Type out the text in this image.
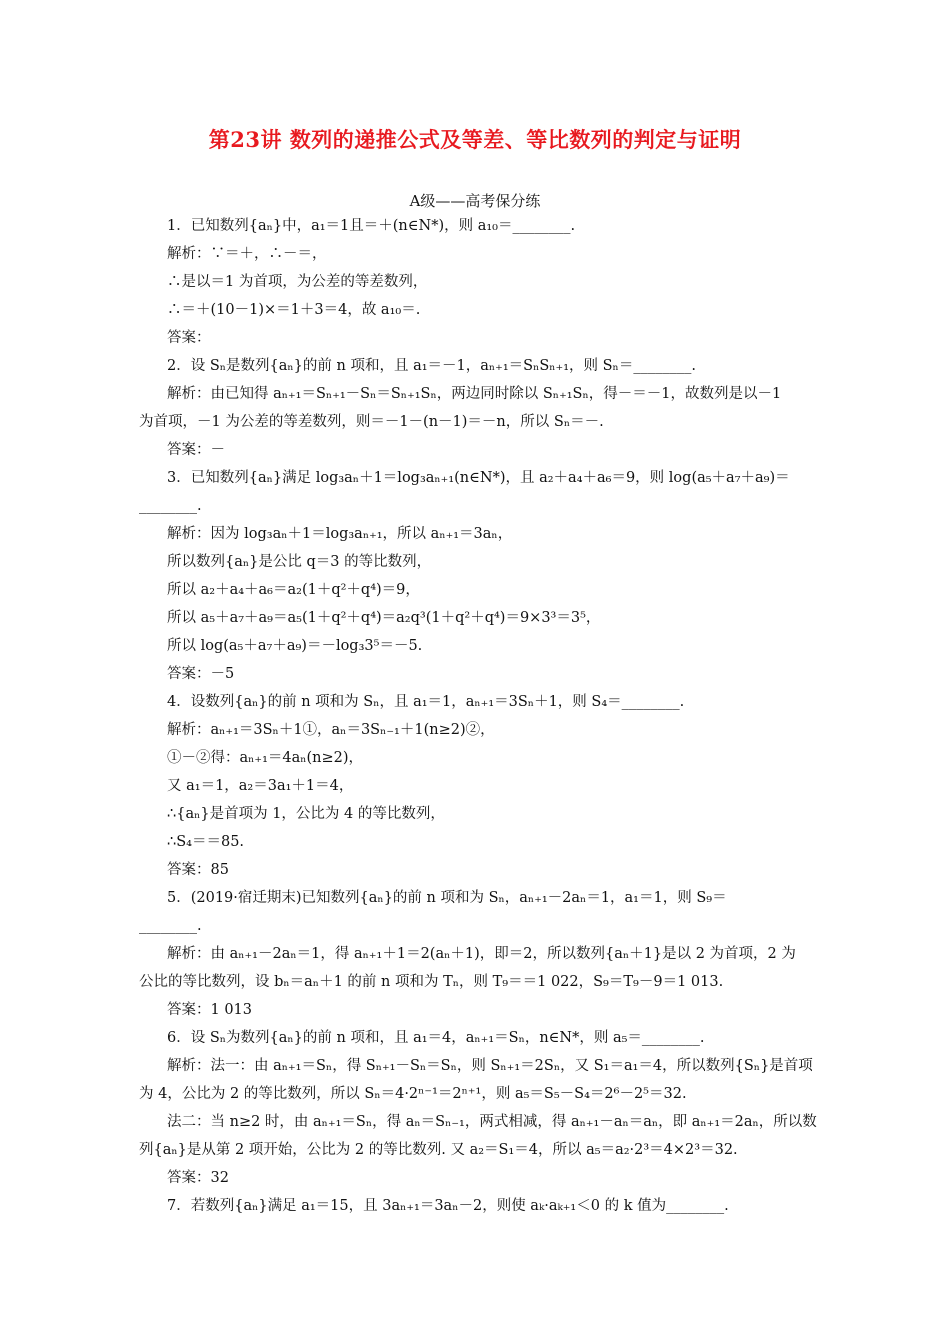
第23讲 数列的递推公式及等差、等比数列的判定与证明
A级——高考保分练
1．已知数列{aₙ}中，a₁＝1且＝＋(n∈N*)，则 a₁₀＝________.
解析：∵＝＋，∴－＝，
∴是以＝1 为首项，为公差的等差数列，
∴＝＋(10－1)×＝1＋3＝4，故 a₁₀＝.
答案：
2．设 Sₙ是数列{aₙ}的前 n 项和，且 a₁＝－1，aₙ₊₁＝SₙSₙ₊₁，则 Sₙ＝________.
解析：由已知得 aₙ₊₁＝Sₙ₊₁－Sₙ＝Sₙ₊₁Sₙ，两边同时除以 Sₙ₊₁Sₙ，得－＝－1，故数列是以－1
为首项，－1 为公差的等差数列，则＝－1－(n－1)＝－n，所以 Sₙ＝－.
答案：－
3．已知数列{aₙ}满足 log₃aₙ＋1＝log₃aₙ₊₁(n∈N*)，且 a₂＋a₄＋a₆＝9，则 log(a₅＋a₇＋a₉)＝
________.
解析：因为 log₃aₙ＋1＝log₃aₙ₊₁，所以 aₙ₊₁＝3aₙ，
所以数列{aₙ}是公比 q＝3 的等比数列，
所以 a₂＋a₄＋a₆＝a₂(1＋q²＋q⁴)＝9，
所以 a₅＋a₇＋a₉＝a₅(1＋q²＋q⁴)＝a₂q³(1＋q²＋q⁴)＝9×3³＝3⁵，
所以 log(a₅＋a₇＋a₉)＝－log₃3⁵＝－5.
答案：－5
4．设数列{aₙ}的前 n 项和为 Sₙ，且 a₁＝1，aₙ₊₁＝3Sₙ＋1，则 S₄＝________.
解析：aₙ₊₁＝3Sₙ＋1①，aₙ＝3Sₙ₋₁＋1(n≥2)②，
①－②得：aₙ₊₁＝4aₙ(n≥2)，
又 a₁＝1，a₂＝3a₁＋1＝4，
∴{aₙ}是首项为 1，公比为 4 的等比数列，
∴S₄＝＝85.
答案：85
5．(2019·宿迁期末)已知数列{aₙ}的前 n 项和为 Sₙ，aₙ₊₁－2aₙ＝1，a₁＝1，则 S₉＝
________.
解析：由 aₙ₊₁－2aₙ＝1，得 aₙ₊₁＋1＝2(aₙ＋1)，即＝2，所以数列{aₙ＋1}是以 2 为首项，2 为
公比的等比数列，设 bₙ＝aₙ＋1 的前 n 项和为 Tₙ，则 T₉＝＝1 022，S₉＝T₉－9＝1 013.
答案：1 013
6．设 Sₙ为数列{aₙ}的前 n 项和，且 a₁＝4，aₙ₊₁＝Sₙ，n∈N*，则 a₅＝________.
解析：法一：由 aₙ₊₁＝Sₙ，得 Sₙ₊₁－Sₙ＝Sₙ，则 Sₙ₊₁＝2Sₙ，又 S₁＝a₁＝4，所以数列{Sₙ}是首项
为 4，公比为 2 的等比数列，所以 Sₙ＝4·2ⁿ⁻¹＝2ⁿ⁺¹，则 a₅＝S₅－S₄＝2⁶－2⁵＝32.
法二：当 n≥2 时，由 aₙ₊₁＝Sₙ，得 aₙ＝Sₙ₋₁，两式相减，得 aₙ₊₁－aₙ＝aₙ，即 aₙ₊₁＝2aₙ，所以数
列{aₙ}是从第 2 项开始，公比为 2 的等比数列. 又 a₂＝S₁＝4，所以 a₅＝a₂·2³＝4×2³＝32.
答案：32
7．若数列{aₙ}满足 a₁＝15，且 3aₙ₊₁＝3aₙ－2，则使 aₖ·aₖ₊₁＜0 的 k 值为________.
